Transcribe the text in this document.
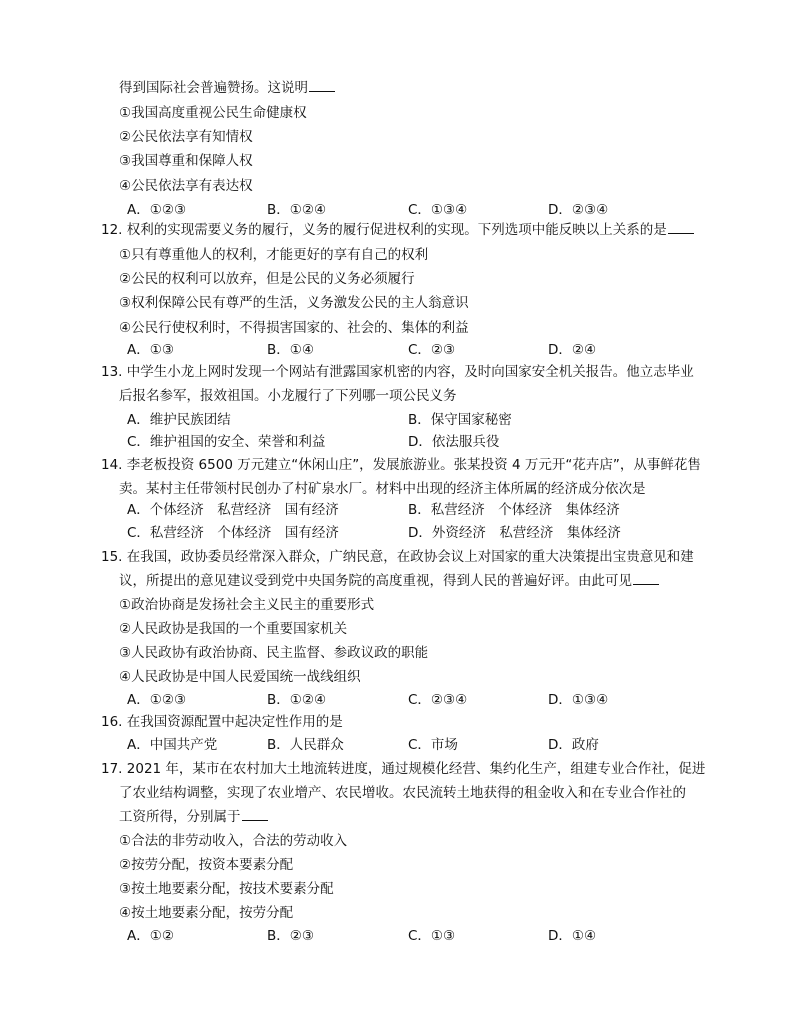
得到国际社会普遍赞扬。这说明
①我国高度重视公民生命健康权
②公民依法享有知情权
③我国尊重和保障人权
④公民依法享有表达权
A．①②③	B．①②④	C．①③④	D．②③④
12. 权利的实现需要义务的履行，义务的履行促进权利的实现。下列选项中能反映以上关系的是
①只有尊重他人的权利，才能更好的享有自己的权利
②公民的权利可以放弃，但是公民的义务必须履行
③权利保障公民有尊严的生活，义务激发公民的主人翁意识
④公民行使权利时，不得损害国家的、社会的、集体的利益
A．①③	B．①④	C．②③	D．②④
13. 中学生小龙上网时发现一个网站有泄露国家机密的内容，及时向国家安全机关报告。他立志毕业
后报名参军，报效祖国。小龙履行了下列哪一项公民义务
A．维护民族团结	B．保守国家秘密
C．维护祖国的安全、荣誉和利益	D．依法服兵役
14. 李老板投资 6500 万元建立“休闲山庄”，发展旅游业。张某投资 4 万元开“花卉店”，从事鲜花售
卖。某村主任带领村民创办了村矿泉水厂。材料中出现的经济主体所属的经济成分依次是
A．个体经济　私营经济　国有经济	B．私营经济　个体经济　集体经济
C．私营经济　个体经济　国有经济	D．外资经济　私营经济　集体经济
15. 在我国，政协委员经常深入群众，广纳民意，在政协会议上对国家的重大决策提出宝贵意见和建
议，所提出的意见建议受到党中央国务院的高度重视，得到人民的普遍好评。由此可见
①政治协商是发扬社会主义民主的重要形式
②人民政协是我国的一个重要国家机关
③人民政协有政治协商、民主监督、参政议政的职能
④人民政协是中国人民爱国统一战线组织
A．①②③	B．①②④	C．②③④	D．①③④
16. 在我国资源配置中起决定性作用的是
A．中国共产党	B．人民群众	C．市场	D．政府
17. 2021 年，某市在农村加大土地流转进度，通过规模化经营、集约化生产，组建专业合作社，促进
了农业结构调整，实现了农业增产、农民增收。农民流转土地获得的租金收入和在专业合作社的
工资所得，分别属于
①合法的非劳动收入，合法的劳动收入
②按劳分配，按资本要素分配
③按土地要素分配，按技术要素分配
④按土地要素分配，按劳分配
A．①②	B．②③	C．①③	D．①④
